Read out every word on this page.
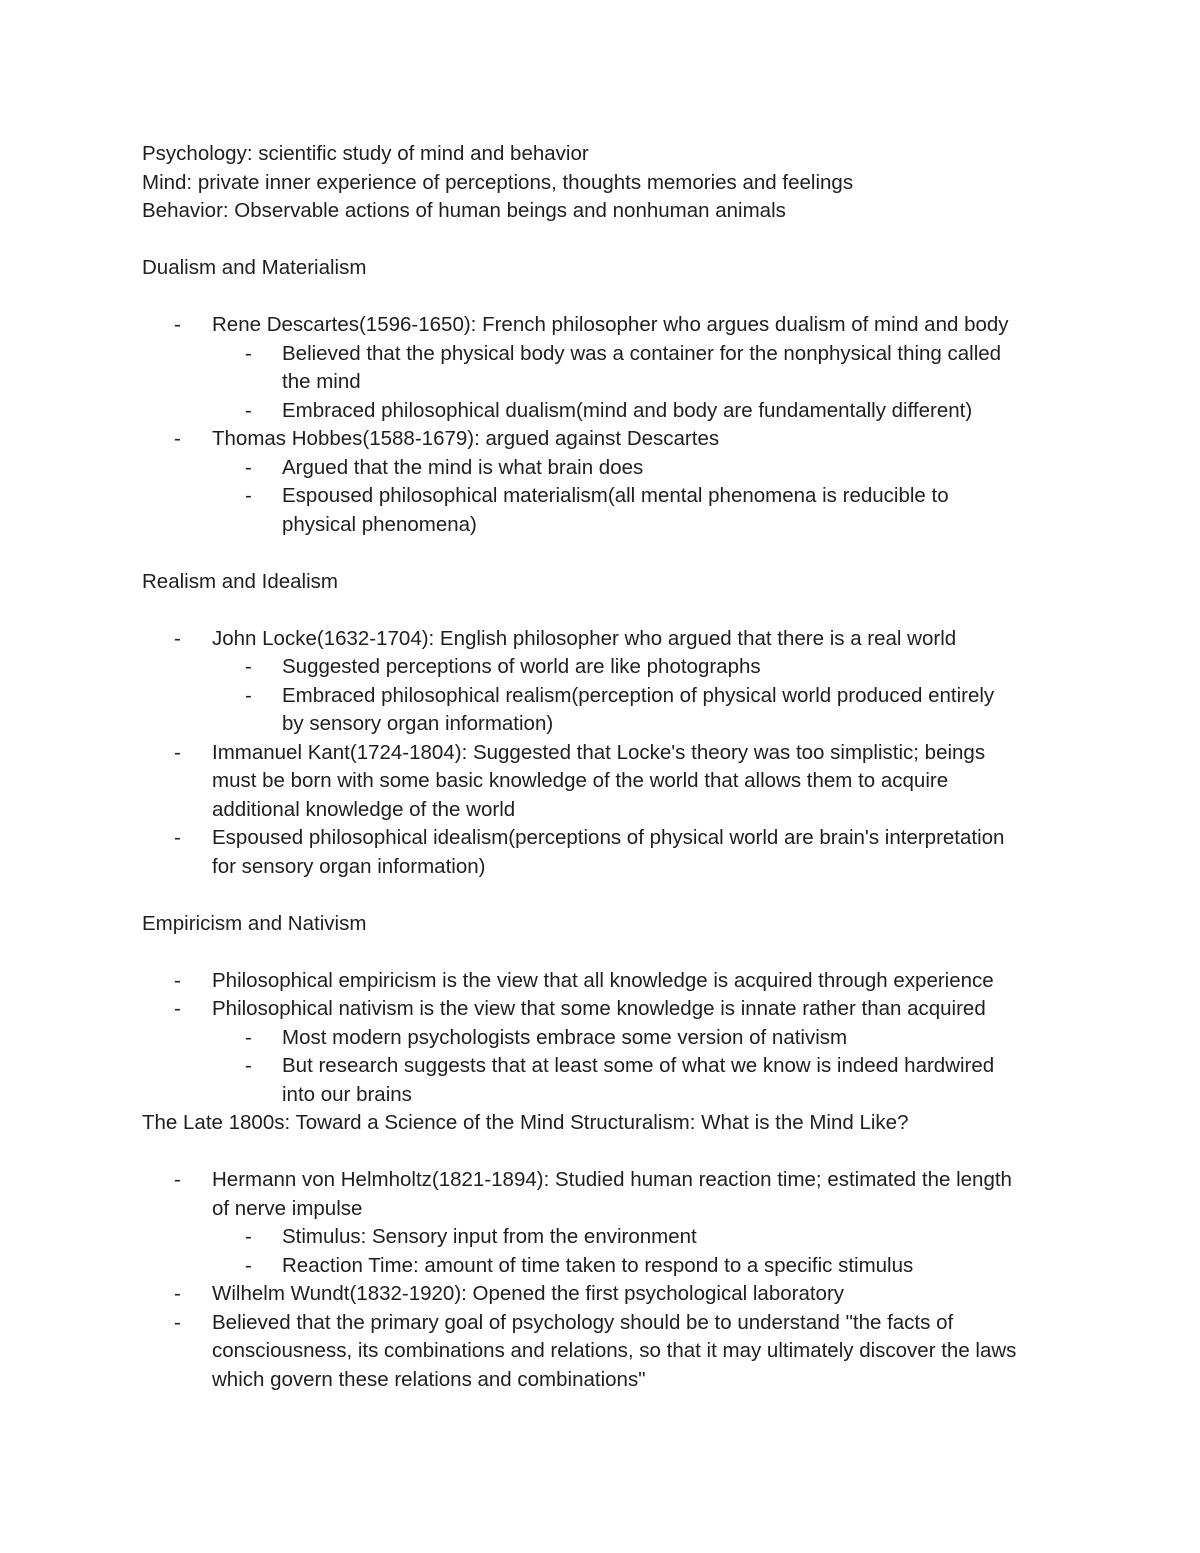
Psychology: scientific study of mind and behavior

Mind: private inner experience of perceptions, thoughts memories and feelings

Behavior: Observable actions of human beings and nonhuman animals

Dualism and Materialism

-	Rene Descartes(1596-1650): French philosopher who argues dualism of mind and body

-	Believed that the physical body was a container for the nonphysical thing called

the mind

-	Embraced philosophical dualism(mind and body are fundamentally different)

-	Thomas Hobbes(1588-1679): argued against Descartes

-	Argued that the mind is what brain does

-	Espoused philosophical materialism(all mental phenomena is reducible to

physical phenomena)

Realism and Idealism

-	John Locke(1632-1704): English philosopher who argued that there is a real world

-	Suggested perceptions of world are like photographs

-	Embraced philosophical realism(perception of physical world produced entirely

by sensory organ information)

-	Immanuel Kant(1724-1804): Suggested that Locke's theory was too simplistic; beings

must be born with some basic knowledge of the world that allows them to acquire

additional knowledge of the world

-	Espoused philosophical idealism(perceptions of physical world are brain's interpretation

for sensory organ information)

Empiricism and Nativism

-	Philosophical empiricism is the view that all knowledge is acquired through experience

-	Philosophical nativism is the view that some knowledge is innate rather than acquired

-	Most modern psychologists embrace some version of nativism

-	But research suggests that at least some of what we know is indeed hardwired

into our brains

The Late 1800s: Toward a Science of the Mind Structuralism: What is the Mind Like?

-	Hermann von Helmholtz(1821-1894): Studied human reaction time; estimated the length

of nerve impulse

-	Stimulus: Sensory input from the environment

-	Reaction Time: amount of time taken to respond to a specific stimulus

-	Wilhelm Wundt(1832-1920): Opened the first psychological laboratory

-	Believed that the primary goal of psychology should be to understand "the facts of

consciousness, its combinations and relations, so that it may ultimately discover the laws

which govern these relations and combinations"
